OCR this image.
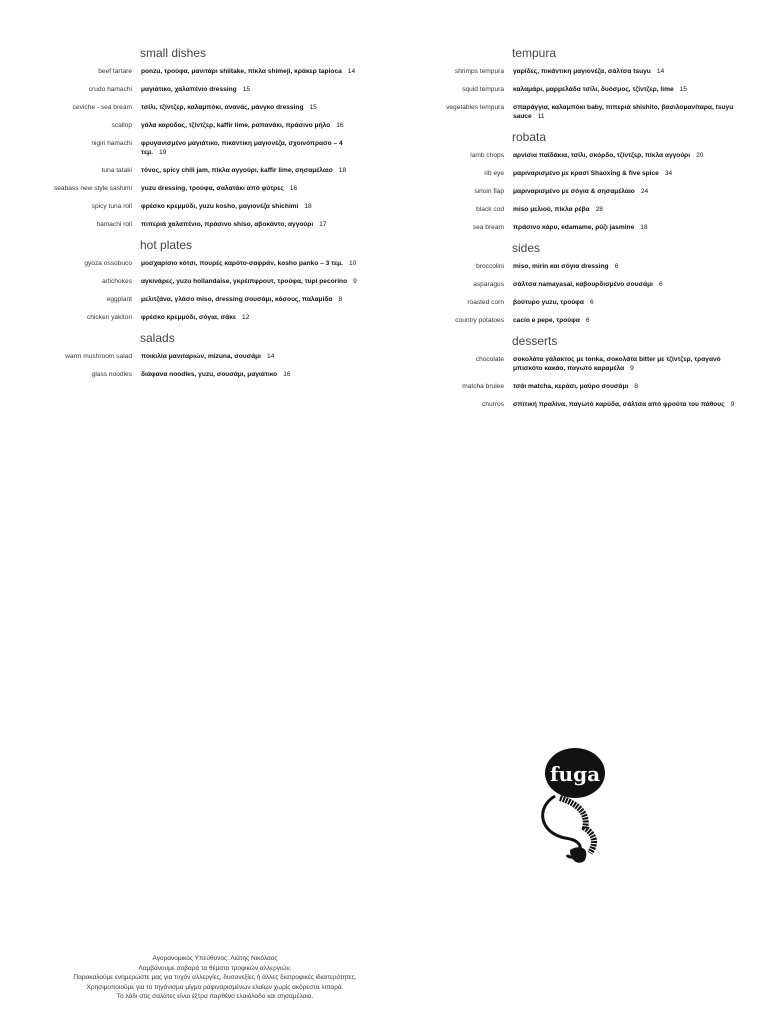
small dishes
beef tartare	ponzu, τρούφα, μανιτάρι shiitake, πίκλα shimeji, κράκερ tapioca 14
crudo hamachi	μαγιάτικο, χαλαπένιο dressing 15
ceviche - sea bream	τσίλι, τζίντζερ, καλαμπόκι, ανανάς, μάνγκο dressing 15
scallop	γάλα καρύδας, τζίντζερ, kaffir lime, ραπανάκι, πράσινο μήλο 16
nigiri hamachi	φρυγανισμένο μαγιάτικο, πικάντικη μαγιονέζα, σχοινόπρασο – 4 τεμ. 19
tuna tataki	τόνος, spicy chili jam, πίκλα αγγούρι, kaffir lime, σησαμέλαιο 18
seabass new style sashimi	yuzu dressing, τρούφα, σαλατάκι από φύτρες 16
spicy tuna roll	φρέσκο κρεμμύδι, yuzu kosho, μαγιονέζα shichimi 18
hamachi roll	πιπεριά χαλαπένιο, πράσινο shiso, αβοκάντο, αγγούρι 17
hot plates
gyoza ossobuco	μοσχαρίσιο κότσι, πουρές καρότο-σαφράν, kosho panko – 3 τεμ. 10
artichokes	αγκινάρες, yuzu hollandaise, γκρέιπφρουτ, τρούφα, τυρί pecorino 9
eggplant	μελιτζάνα, γλάσο miso, dressing σουσάμι, κόσους, παλαμίδα 8
chicken yakitori	φρέσκο κρεμμύδι, σόγια, σάκε 12
salads
warm mushroom salad	ποικιλία μανιταριών, mizuna, σουσάμι 14
glass noodles	διάφανα noodles, yuzu, σουσάμι, μαγιάτικο 16
tempura
shrimps tempura	γαρίδες, πικάντικη μαγιονέζα, σάλτσα tsuyu 14
squid tempura	καλαμάρι, μαρμελάδα τσίλι, δυόσμος, τζίντζερ, lime 15
vegetables tempura	σπαράγγια, καλαμπόκι baby, πιπεριά shishito, βασιλομανίταρα, tsuyu sauce 11
robata
lamb chops	αρνίσια παϊδάκια, τσίλι, σκόρδο, τζίντζερ, πίκλα αγγούρι 20
rib eye	μαριναρισμένο με κρασί Shaoxing & five spice 34
sirloin flap	μαριναρισμένο με σόγια & σησαμέλαιο 24
black cod	miso μελιού, πίκλα ρέβα 28
sea bream	πράσινο κάρυ, edamame, ρύζι jasmine 18
sides
broccolini	miso, mirin και σόγια dressing 6
asparagus	σάλτσα namayasai, καβουρδισμένο σουσάμι 6
roasted corn	βούτυρο yuzu, τρούφα 6
country potatoes	cacio e pepe, τρούφα 6
desserts
chocolate	σοκολάτα γάλακτος με tonka, σοκολάτα bitter με τζίντζερ, τραγανό μπισκότο κακάο, παγωτό καραμέλα 9
matcha brulee	τσάι matcha, κεράσι, μαύρο σουσάμι 8
churros	σπιτική πραλίνα, παγωτό καρύδα, σάλτσα από φρούτα του πάθους 9
fuga
Αγορανομικός Υπεύθυνος: Λιάτης Νικόλαος
Λαμβάνουμε σοβαρά τα θέματα τροφικών αλλεργιών.
Παρακαλούμε ενημερώστε μας για τυχόν αλλεργίες, δυσανεξίες ή άλλες διατροφικές ιδιαιτερότητες.
Χρησιμοποιούμε για το τηγάνισμα μίγμα ραφιναρισμένων ελαίων χωρίς ακόρεστα λιπαρά.
Το λάδι στις σαλάτες είναι έξτρα παρθένο ελαιόλαδο και σησαμέλαιο.
